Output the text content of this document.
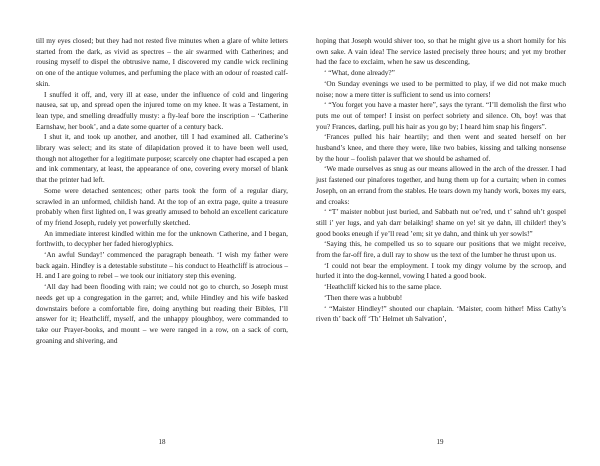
till my eyes closed; but they had not rested five minutes when a glare of white letters started from the dark, as vivid as spectres – the air swarmed with Catherines; and rousing myself to dispel the obtrusive name, I discovered my candle wick reclining on one of the antique volumes, and perfuming the place with an odour of roasted calf-skin.

I snuffed it off, and, very ill at ease, under the influence of cold and lingering nausea, sat up, and spread open the injured tome on my knee. It was a Testament, in lean type, and smelling dreadfully musty: a fly-leaf bore the inscription – ‘Catherine Earnshaw, her book’, and a date some quarter of a century back.

I shut it, and took up another, and another, till I had examined all. Catherine’s library was select; and its state of dilapidation proved it to have been well used, though not altogether for a legitimate purpose; scarcely one chapter had escaped a pen and ink commentary, at least, the appearance of one, covering every morsel of blank that the printer had left.

Some were detached sentences; other parts took the form of a regular diary, scrawled in an unformed, childish hand. At the top of an extra page, quite a treasure probably when first lighted on, I was greatly amused to behold an excellent caricature of my friend Joseph, rudely yet powerfully sketched.

An immediate interest kindled within me for the unknown Catherine, and I began, forthwith, to decypher her faded hieroglyphics.

‘An awful Sunday!’ commenced the paragraph beneath. ‘I wish my father were back again. Hindley is a detestable substitute – his conduct to Heathcliff is atrocious – H. and I are going to rebel – we took our initiatory step this evening.

‘All day had been flooding with rain; we could not go to church, so Joseph must needs get up a congregation in the garret; and, while Hindley and his wife basked downstairs before a comfortable fire, doing anything but reading their Bibles, I’ll answer for it; Heathcliff, myself, and the unhappy ploughboy, were commanded to take our Prayer-books, and mount – we were ranged in a row, on a sack of corn, groaning and shivering, and

18

hoping that Joseph would shiver too, so that he might give us a short homily for his own sake. A vain idea! The service lasted precisely three hours; and yet my brother had the face to exclaim, when he saw us descending,

‘ “What, done already?”

‘On Sunday evenings we used to be permitted to play, if we did not make much noise; now a mere titter is sufficient to send us into corners!

‘ “You forget you have a master here”, says the tyrant. “I’ll demolish the first who puts me out of temper! I insist on perfect sobriety and silence. Oh, boy! was that you? Frances, darling, pull his hair as you go by; I heard him snap his fingers”.

‘Frances pulled his hair heartily; and then went and seated herself on her husband’s knee, and there they were, like two babies, kissing and talking nonsense by the hour – foolish palaver that we should be ashamed of.

‘We made ourselves as snug as our means allowed in the arch of the dresser. I had just fastened our pinafores together, and hung them up for a curtain; when in comes Joseph, on an errand from the stables. He tears down my handy work, boxes my ears, and croaks:

‘ “T’ maister nobbut just buried, and Sabbath nut oe’red, und t’ sahnd uh’t gospel still i’ yer lugs, and yah darr belaiking! shame on ye! sit ye dahn, ill childer! they’s good books eneugh if ye’ll read ’em; sit ye dahn, and think uh yer sowls!”

‘Saying this, he compelled us so to square our positions that we might receive, from the far-off fire, a dull ray to show us the text of the lumber he thrust upon us.

‘I could not bear the employment. I took my dingy volume by the scroop, and hurled it into the dog-kennel, vowing I hated a good book.

‘Heathcliff kicked his to the same place.

‘Then there was a hubbub!

‘ “Maister Hindley!” shouted our chaplain. ‘Maister, coom hither! Miss Cathy’s riven th’ back off ‘Th’ Helmet uh Salvation’,

19
